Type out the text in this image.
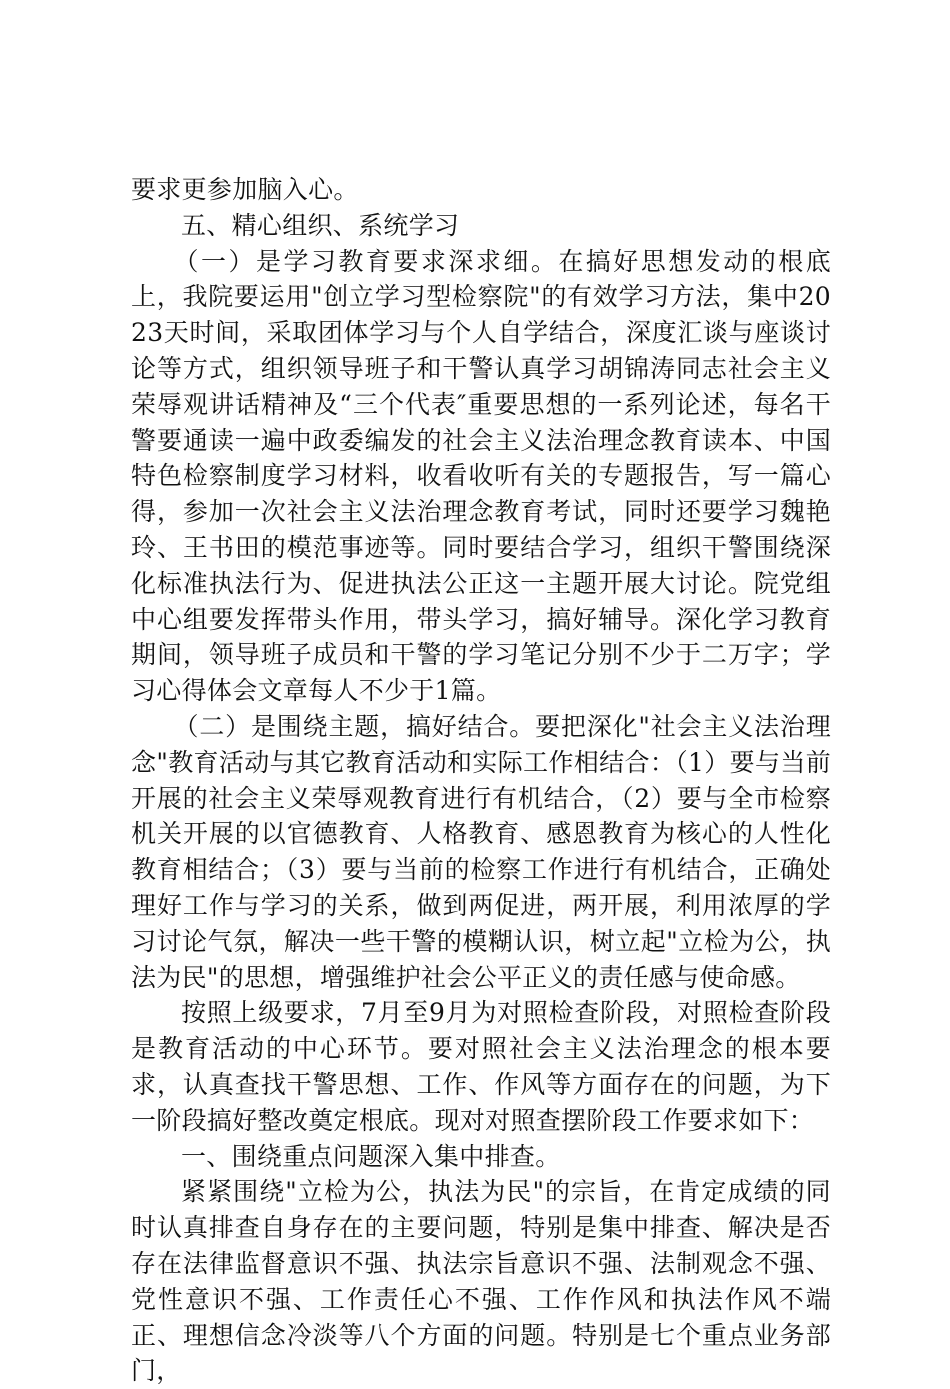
要求更参加脑入心。

五、精心组织、系统学习

（一）是学习教育要求深求细。在搞好思想发动的根底上，我院要运用"创立学习型检察院"的有效学习方法，集中2023天时间，采取团体学习与个人自学结合，深度汇谈与座谈讨论等方式，组织领导班子和干警认真学习胡锦涛同志社会主义荣辱观讲话精神及“三个代表″重要思想的一系列论述，每名干警要通读一遍中政委编发的社会主义法治理念教育读本、中国特色检察制度学习材料，收看收听有关的专题报告，写一篇心得，参加一次社会主义法治理念教育考试，同时还要学习魏艳玲、王书田的模范事迹等。同时要结合学习，组织干警围绕深化标准执法行为、促进执法公正这一主题开展大讨论。院党组中心组要发挥带头作用，带头学习，搞好辅导。深化学习教育期间，领导班子成员和干警的学习笔记分别不少于二万字；学习心得体会文章每人不少于1篇。

（二）是围绕主题，搞好结合。要把深化"社会主义法治理念"教育活动与其它教育活动和实际工作相结合：（1）要与当前开展的社会主义荣辱观教育进行有机结合，（2）要与全市检察机关开展的以官德教育、人格教育、感恩教育为核心的人性化教育相结合；（3）要与当前的检察工作进行有机结合，正确处理好工作与学习的关系，做到两促进，两开展，利用浓厚的学习讨论气氛，解决一些干警的模糊认识，树立起"立检为公，执法为民"的思想，增强维护社会公平正义的责任感与使命感。

按照上级要求，7月至9月为对照检查阶段，对照检查阶段是教育活动的中心环节。要对照社会主义法治理念的根本要求，认真查找干警思想、工作、作风等方面存在的问题，为下一阶段搞好整改奠定根底。现对对照查摆阶段工作要求如下：

一、围绕重点问题深入集中排查。

紧紧围绕"立检为公，执法为民"的宗旨，在肯定成绩的同时认真排查自身存在的主要问题，特别是集中排查、解决是否存在法律监督意识不强、执法宗旨意识不强、法制观念不强、党性意识不强、工作责任心不强、工作作风和执法作风不端正、理想信念冷淡等八个方面的问题。特别是七个重点业务部门，
